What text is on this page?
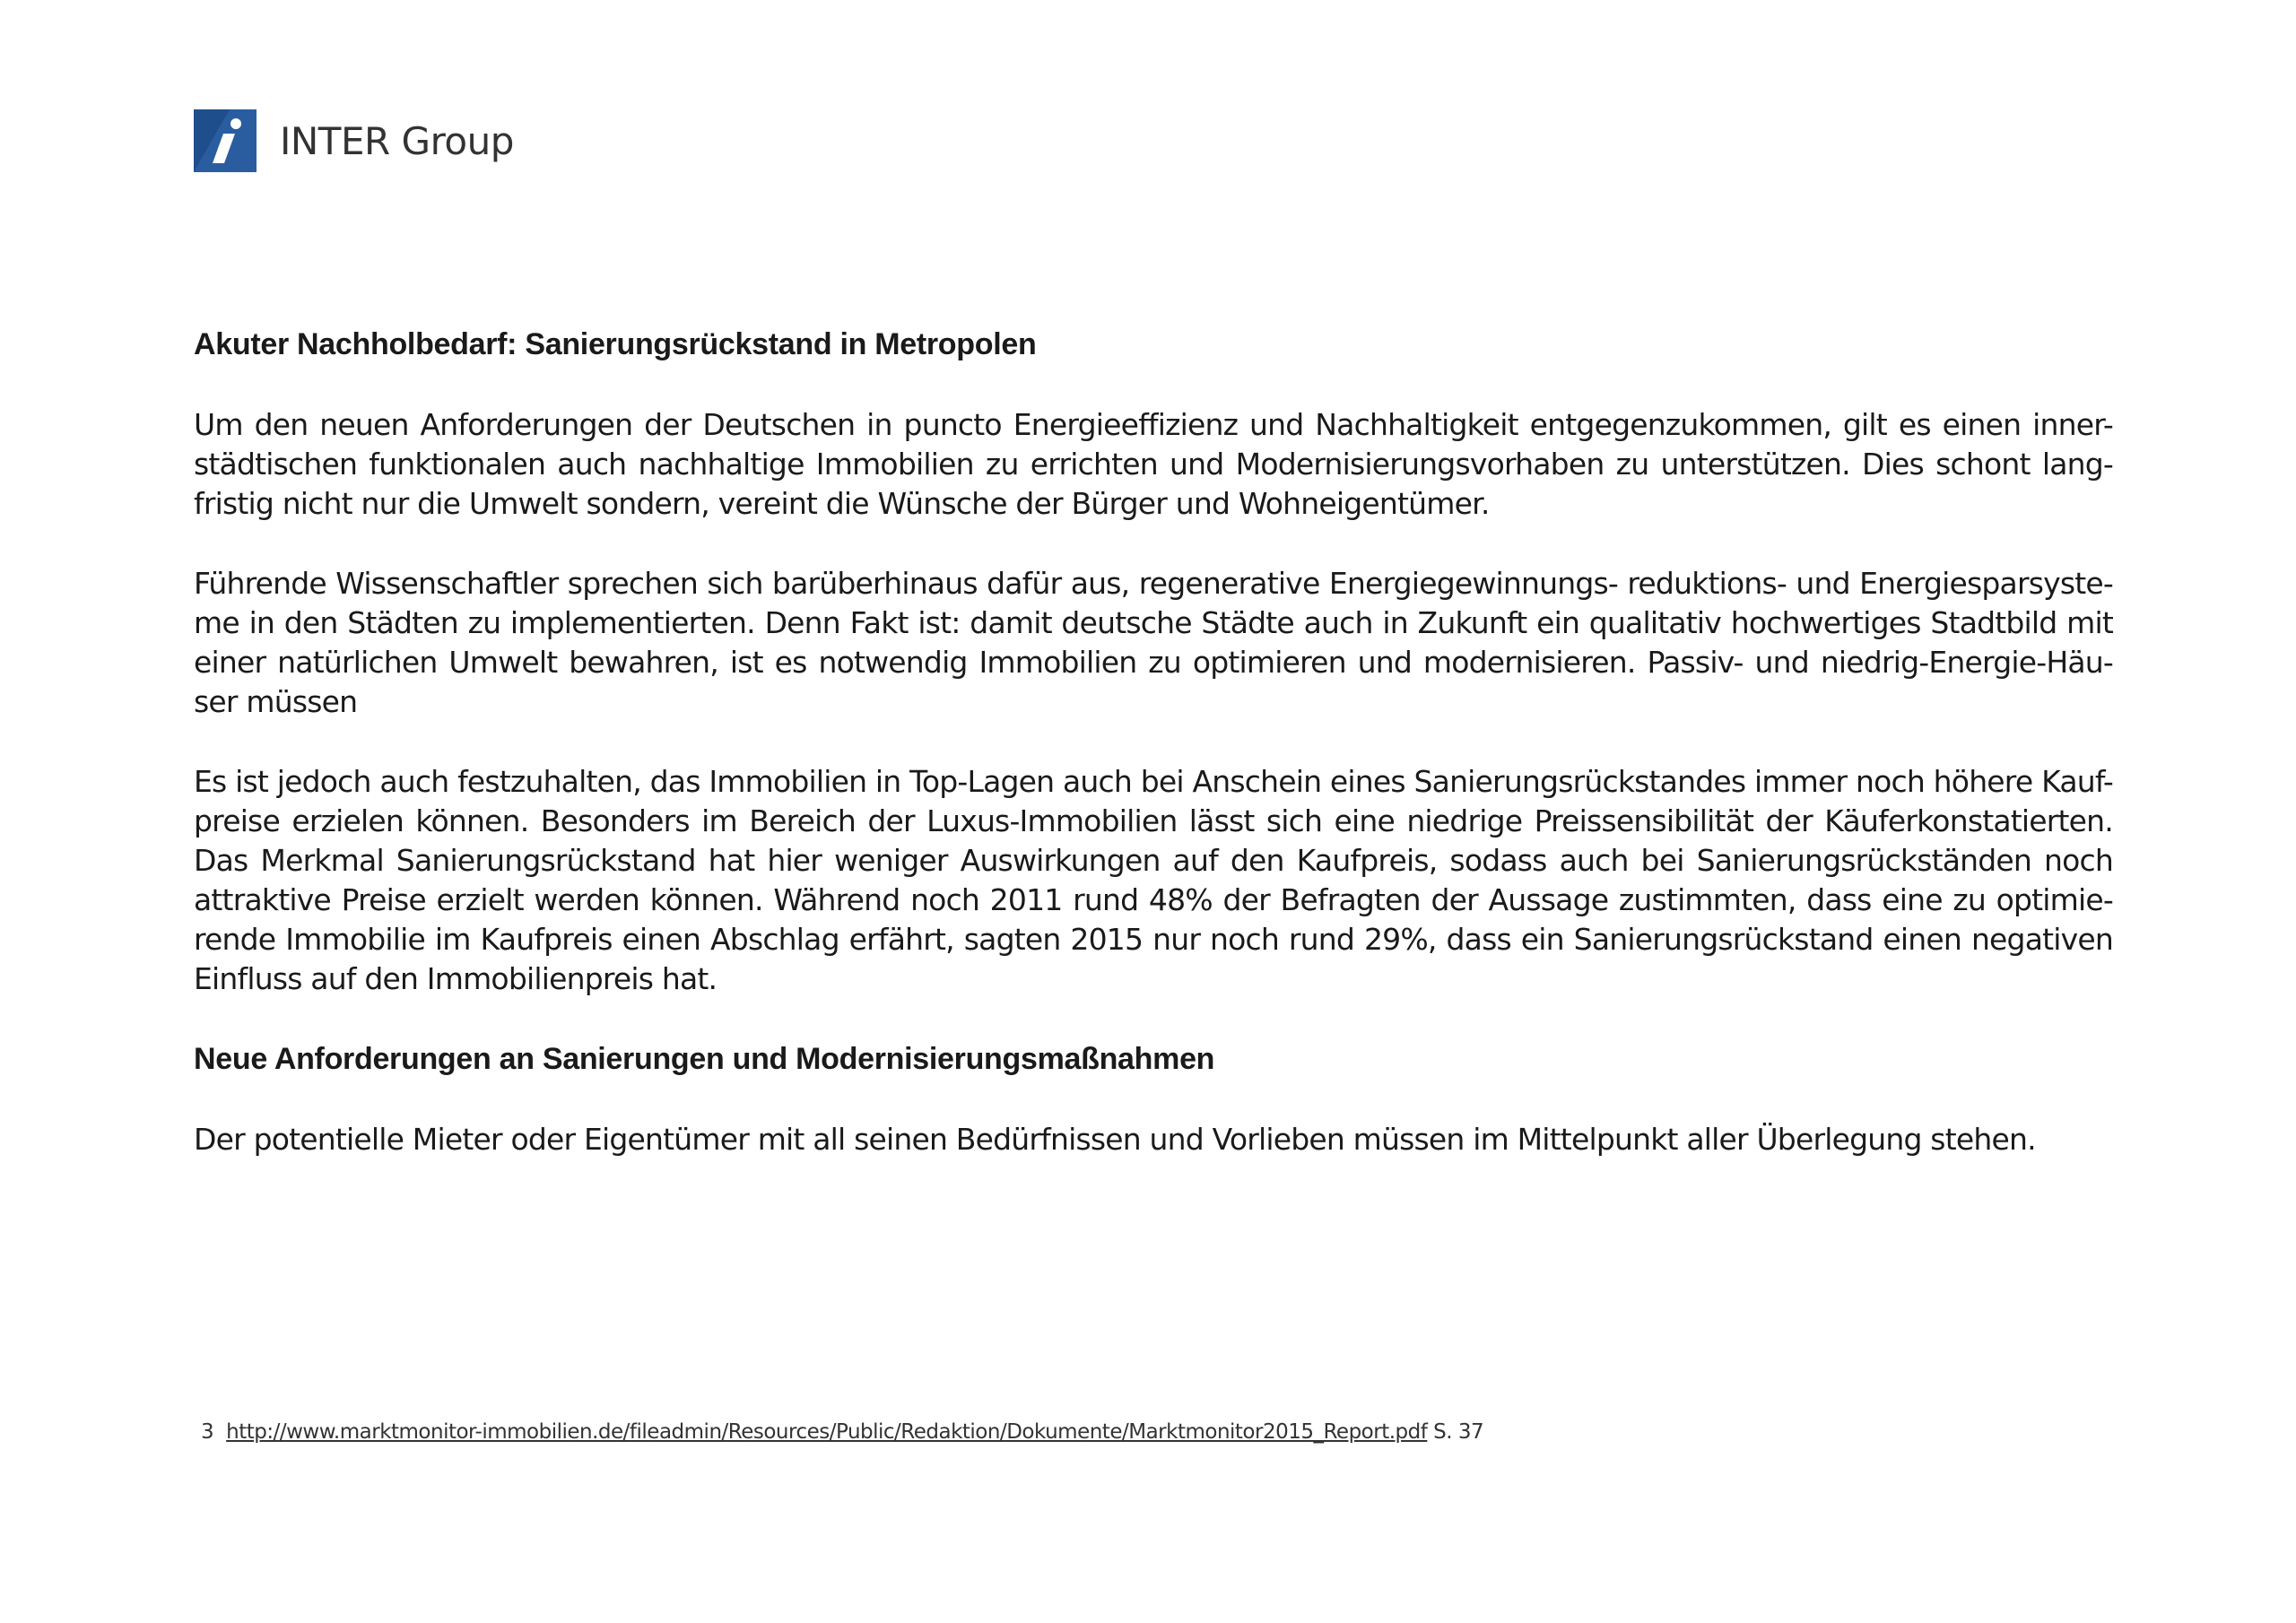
INTER Group
Akuter Nachholbedarf: Sanierungsrückstand in Metropolen

Um den neuen Anforderungen der Deutschen in puncto Energieeffizienz und Nachhaltigkeit entgegenzukommen, gilt es einen inner-städtischen funktionalen auch nachhaltige Immobilien zu errichten und Modernisierungsvorhaben zu unterstützen. Dies schont lang-fristig nicht nur die Umwelt sondern, vereint die Wünsche der Bürger und Wohneigentümer.

Führende Wissenschaftler sprechen sich barüberhinaus dafür aus, regenerative Energiegewinnungs- reduktions- und Energiesparsyste-me in den Städten zu implementierten. Denn Fakt ist: damit deutsche Städte auch in Zukunft ein qualitativ hochwertiges Stadtbild mit einer natürlichen Umwelt bewahren, ist es notwendig Immobilien zu optimieren und modernisieren. Passiv- und niedrig-Energie-Häu-ser müssen

Es ist jedoch auch festzuhalten, das Immobilien in Top-Lagen auch bei Anschein eines Sanierungsrückstandes immer noch höhere Kauf-preise erzielen können. Besonders im Bereich der Luxus-Immobilien lässt sich eine niedrige Preissensibilität der Käuferkonstatierten. Das Merkmal Sanierungsrückstand hat hier weniger Auswirkungen auf den Kaufpreis, sodass auch bei Sanierungsrückständen noch attraktive Preise erzielt werden können. Während noch 2011 rund 48% der Befragten der Aussage zustimmten, dass eine zu optimie-rende Immobilie im Kaufpreis einen Abschlag erfährt, sagten 2015 nur noch rund 29%, dass ein Sanierungsrückstand einen negativen Einfluss auf den Immobilienpreis hat.

Neue Anforderungen an Sanierungen und Modernisierungsmaßnahmen

Der potentielle Mieter oder Eigentümer mit all seinen Bedürfnissen und Vorlieben müssen im Mittelpunkt aller Überlegung stehen.

3 http://www.marktmonitor-immobilien.de/fileadmin/Resources/Public/Redaktion/Dokumente/Marktmonitor2015_Report.pdf S. 37
